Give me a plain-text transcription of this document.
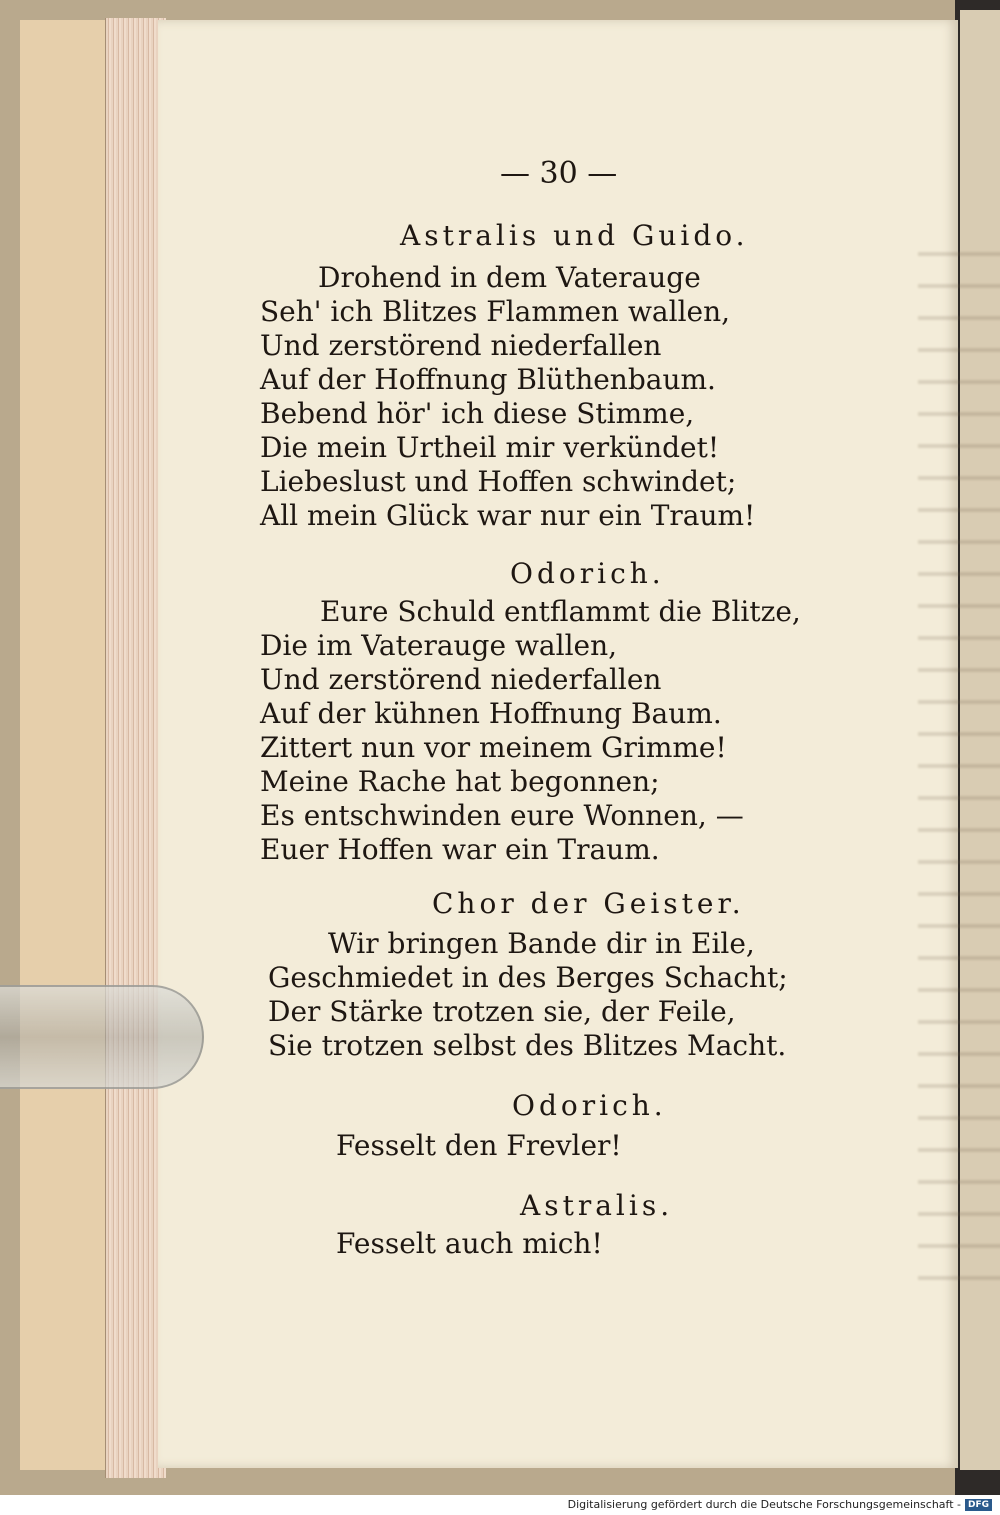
— 30 —
Astralis und Guido.
Drohend in dem Vaterauge
Seh' ich Blitzes Flammen wallen,
Und zerstörend niederfallen
Auf der Hoffnung Blüthenbaum.
Bebend hör' ich diese Stimme,
Die mein Urtheil mir verkündet!
Liebeslust und Hoffen schwindet;
All mein Glück war nur ein Traum!
Odorich.
Eure Schuld entflammt die Blitze,
Die im Vaterauge wallen,
Und zerstörend niederfallen
Auf der kühnen Hoffnung Baum.
Zittert nun vor meinem Grimme!
Meine Rache hat begonnen;
Es entschwinden eure Wonnen, —
Euer Hoffen war ein Traum.
Chor der Geister.
Wir bringen Bande dir in Eile,
Geschmiedet in des Berges Schacht;
Der Stärke trotzen sie, der Feile,
Sie trotzen selbst des Blitzes Macht.
Odorich.
Fesselt den Frevler!
Astralis.
Fesselt auch mich!
Digitalisierung gefördert durch die Deutsche Forschungsgemeinschaft - DFG
